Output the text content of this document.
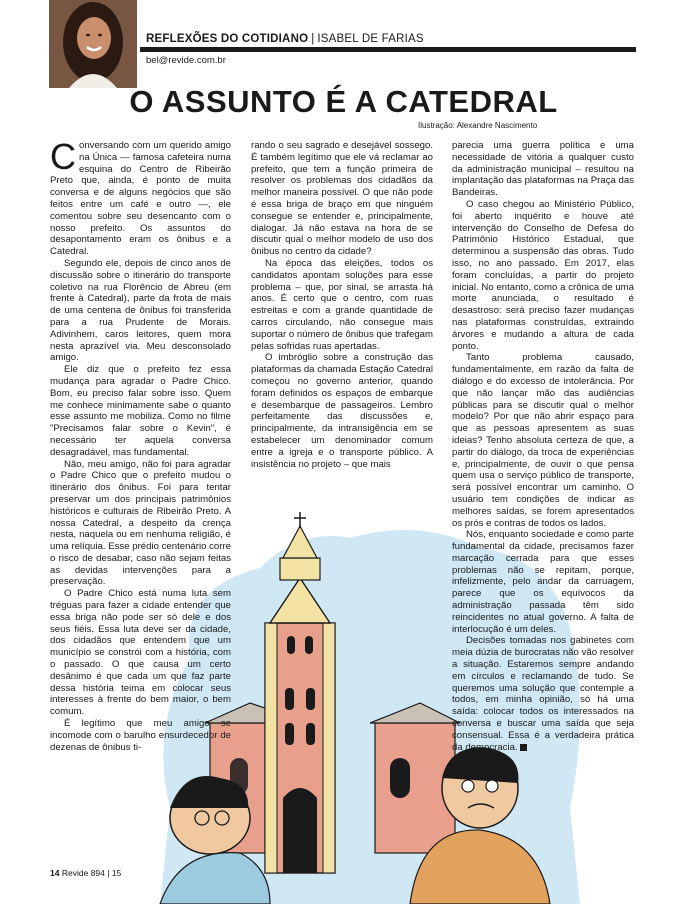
REFLEXÕES DO COTIDIANO | ISABEL DE FARIAS
bel@revide.com.br
O ASSUNTO É A CATEDRAL
Ilustração: Alexandre Nascimento

Conversando com um querido amigo na Única — famosa cafeteira numa esquina do Centro de Ribeirão Preto que, ainda, é ponto de muita conversa e de alguns negócios que são feitos entre um café e outro —, ele comentou sobre seu desencanto com o nosso prefeito. Os assuntos do desapontamento eram os ônibus e a Catedral.

Segundo ele, depois de cinco anos de discussão sobre o itinerário do transporte coletivo na rua Florêncio de Abreu (em frente à Catedral), parte da frota de mais de uma centena de ônibus foi transferida para a rua Prudente de Morais. Adivinhem, caros leitores, quem mora nesta aprazível via. Meu desconsolado amigo.

Ele diz que o prefeito fez essa mudança para agradar o Padre Chico. Bom, eu preciso falar sobre isso. Quem me conhece minimamente sabe o quanto esse assunto me mobiliza. Como no filme "Precisamos falar sobre o Kevin", é necessário ter aquela conversa desagradável, mas fundamental.

Não, meu amigo, não foi para agradar o Padre Chico que o prefeito mudou o itinerário dos ônibus. Foi para tentar preservar um dos principais patrimônios históricos e culturais de Ribeirão Preto. A nossa Catedral, a despeito da crença nesta, naquela ou em nenhuma religião, é uma relíquia. Esse prédio centenário corre o risco de desabar, caso não sejam feitas as devidas intervenções para a preservação.

O Padre Chico está numa luta sem tréguas para fazer a cidade entender que essa briga não pode ser só dele e dos seus fiéis. Essa luta deve ser da cidade, dos cidadãos que entendem que um município se constrói com a história, com o passado. O que causa um certo desânimo é que cada um que faz parte dessa história teima em colocar seus interesses à frente do bem maior, o bem comum.

É legítimo que meu amigo se incomode com o barulho ensurdecedor de dezenas de ônibus ti-

rando o seu sagrado e desejável sossego. É também legítimo que ele vá reclamar ao prefeito, que tem a função primeira de resolver os problemas dos cidadãos da melhor maneira possível. O que não pode é essa briga de braço em que ninguém consegue se entender e, principalmente, dialogar. Já não estava na hora de se discutir qual o melhor modelo de uso dos ônibus no centro da cidade?

Na época das eleições, todos os candidatos apontam soluções para esse problema – que, por sinal, se arrasta há anos. É certo que o centro, com ruas estreitas e com a grande quantidade de carros circulando, não consegue mais suportar o número de ônibus que trafegam pelas sofridas ruas apertadas.

O imbróglio sobre a construção das plataformas da chamada Estação Catedral começou no governo anterior, quando foram definidos os espaços de embarque e desembarque de passageiros. Lembro perfeitamente das discussões e, principalmente, da intransigência em se estabelecer um denominador comum entre a igreja e o transporte público. A insistência no projeto – que mais

parecia uma guerra política e uma necessidade de vitória a qualquer custo da administração municipal – resultou na implantação das plataformas na Praça das Bandeiras.

O caso chegou ao Ministério Público, foi aberto inquérito e houve até intervenção do Conselho de Defesa do Patrimônio Histórico Estadual, que determinou a suspensão das obras. Tudo isso, no ano passado. Em 2017, elas foram concluídas, a partir do projeto inicial. No entanto, como a crônica de uma morte anunciada, o resultado é desastroso: será preciso fazer mudanças nas plataformas construídas, extraindo árvores e mudando a altura de cada ponto.

Tanto problema causado, fundamentalmente, em razão da falta de diálogo e do excesso de intolerância. Por que não lançar mão das audiências públicas para se discutir qual o melhor modelo? Por que não abrir espaço para que as pessoas apresentem as suas ideias? Tenho absoluta certeza de que, a partir do diálogo, da troca de experiências e, principalmente, de ouvir o que pensa quem usa o serviço público de transporte, será possível encontrar um caminho. O usuário tem condições de indicar as melhores saídas, se forem apresentados os prós e contras de todos os lados.

Nós, enquanto sociedade e como parte fundamental da cidade, precisamos fazer marcação cerrada para que esses problemas não se repitam, porque, infelizmente, pelo andar da carruagem, parece que os equívocos da administração passada têm sido reincidentes no atual governo. A falta de interlocução é um deles.

Decisões tomadas nos gabinetes com meia dúzia de burocratas não vão resolver a situação. Estaremos sempre andando em círculos e reclamando de tudo. Se queremos uma solução que contemple a todos, em minha opinião, só há uma saída: colocar todos os interessados na conversa e buscar uma saída que seja consensual. Essa é a verdadeira prática da democracia.

14 Revide 894 | 15
